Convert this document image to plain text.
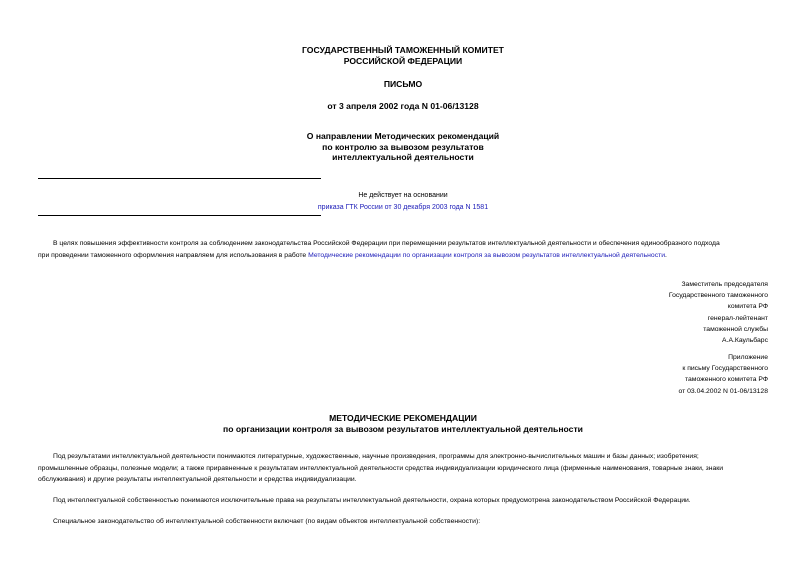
ГОСУДАРСТВЕННЫЙ ТАМОЖЕННЫЙ КОМИТЕТ
РОССИЙСКОЙ ФЕДЕРАЦИИ
ПИСЬМО
от 3 апреля 2002 года N 01-06/13128
О направлении Методических рекомендаций
по контролю за вывозом результатов
интеллектуальной деятельности
Не действует на основании
приказа ГТК России от 30 декабря 2003 года N 1581
В целях повышения эффективности контроля за соблюдением законодательства Российской Федерации при перемещении результатов интеллектуальной деятельности и обеспечения единообразного подхода
при проведении таможенного оформления направляем для использования в работе Методические рекомендации по организации контроля за вывозом результатов интеллектуальной деятельности.
Заместитель председателя
Государственного таможенного
комитета РФ
генерал-лейтенант
таможенной службы
А.А.Каульбарс
Приложение
к письму Государственного
таможенного комитета РФ
от 03.04.2002 N 01-06/13128
МЕТОДИЧЕСКИЕ РЕКОМЕНДАЦИИ
по организации контроля за вывозом результатов интеллектуальной деятельности
Под результатами интеллектуальной деятельности понимаются литературные, художественные, научные произведения, программы для электронно-вычислительных машин и базы данных; изобретения;
промышленные образцы, полезные модели; а также приравненные к результатам интеллектуальной деятельности средства индивидуализации юридического лица (фирменные наименования, товарные знаки, знаки
обслуживания) и другие результаты интеллектуальной деятельности и средства индивидуализации.
Под интеллектуальной собственностью понимаются исключительные права на результаты интеллектуальной деятельности, охрана которых предусмотрена законодательством Российской Федерации.
Специальное законодательство об интеллектуальной собственности включает (по видам объектов интеллектуальной собственности):
